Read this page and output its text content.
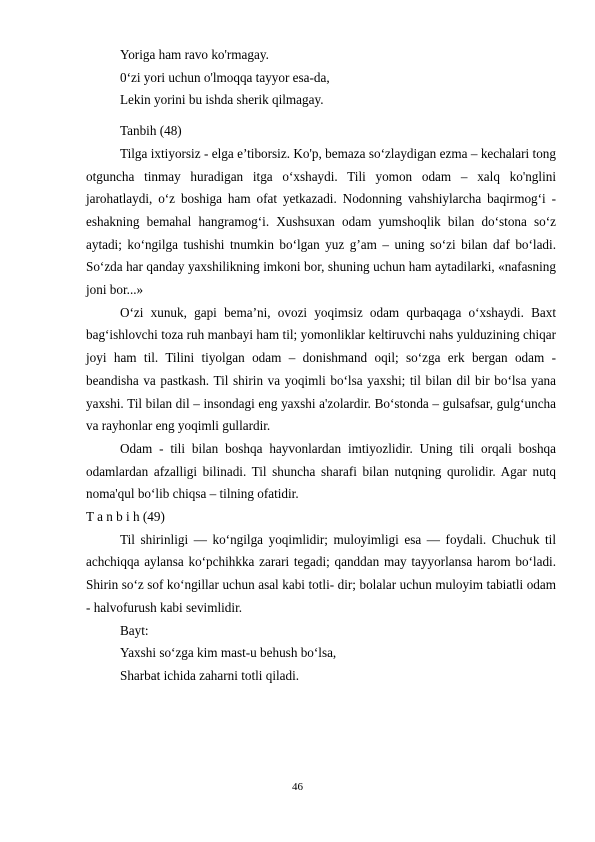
Yoriga ham ravo ko'rmagay.
0‘zi yori uchun o'lmoqqa tayyor esa-da,
Lekin yorini bu ishda sherik qilmagay.
Tanbih (48)

Tilga ixtiyorsiz - elga e’tiborsiz. Ko'p, bemaza so‘zlaydigan ezma – kechalari tong otguncha tinmay huradigan itga o‘xshaydi. Tili yomon odam – xalq ko'nglini jarohatlaydi, o‘z boshiga ham ofat yetkazadi. Nodonning vahshiylarcha baqirmog‘i - eshakning bemahal hangramog‘i. Xushsuxan odam yumshoqlik bilan do‘stona so‘z aytadi; ko‘ngilga tushishi tnumkin bo‘lgan yuz g’am – uning so‘zi bilan daf bo‘ladi. So‘zda har qanday yaxshilikning imkoni bor, shuning uchun ham aytadilarki, «nafasning joni bor...»

O‘zi xunuk, gapi bema’ni, ovozi yoqimsiz odam qurbaqaga o‘xshaydi. Baxt bag‘ishlovchi toza ruh manbayi ham til; yomonliklar keltiruvchi nahs yulduzining chiqar joyi ham til. Tilini tiyolgan odam – donishmand oqil; so‘zga erk bergan odam - beandisha va pastkash. Til shirin va yoqimli bo‘lsa yaxshi; til bilan dil bir bo‘lsa yana yaxshi. Til bilan dil – insondagi eng yaxshi a'zolardir. Bo‘stonda – gulsafsar, gulg‘uncha va rayhonlar eng yoqimli gullardir.

Odam - tili bilan boshqa hayvonlardan imtiyozlidir. Uning tili orqali boshqa odamlardan afzalligi bilinadi. Til shuncha sharafi bilan nutqning qurolidir. Agar nutq noma'qul bo‘lib chiqsa – tilning ofatidir.

T a n b i h (49)

Til shirinligi — ko‘ngilga yoqimlidir; muloyimligi esa — foydali. Chuchuk til achchiqqa aylansa ko‘pchihkka zarari tegadi; qanddan may tayyorlansa harom bo‘ladi. Shirin so‘z sof ko‘ngillar uchun asal kabi totli- dir; bolalar uchun muloyim tabiatli odam - halvofurush kabi sevimlidir.

Bayt:
Yaxshi so‘zga kim mast-u behush bo‘lsa,
Sharbat ichida zaharni totli qiladi.
46
